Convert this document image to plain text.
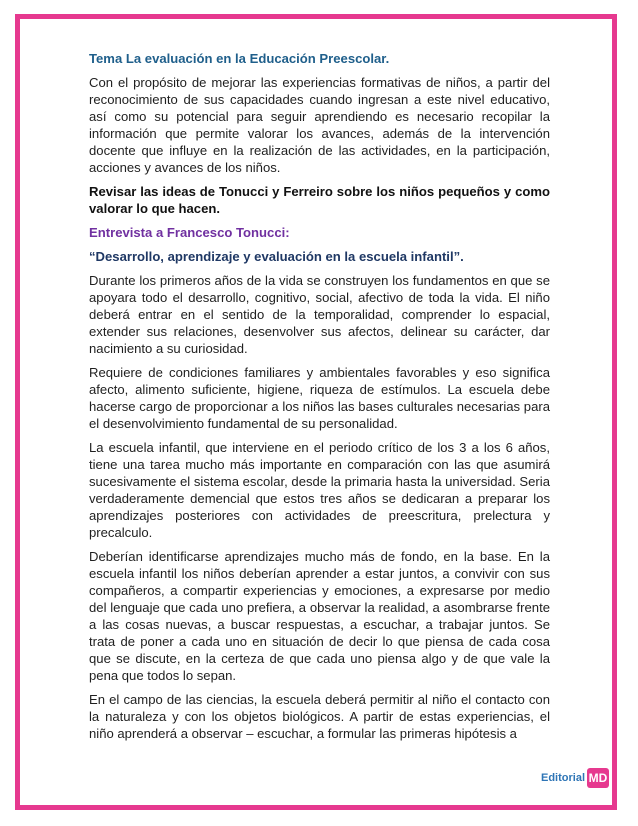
Tema La evaluación en la Educación Preescolar.

Con el propósito de mejorar las experiencias formativas de niños, a partir del reconocimiento de sus capacidades cuando ingresan a este nivel educativo, así como su potencial para seguir aprendiendo es necesario recopilar la información que permite valorar los avances, además de la intervención docente que influye en la realización de las actividades, en la participación, acciones y avances de los niños.

Revisar las ideas de Tonucci y Ferreiro sobre los niños pequeños y como valorar lo que hacen.

Entrevista a Francesco Tonucci:

“Desarrollo, aprendizaje y evaluación en la escuela infantil”.

Durante los primeros años de la vida se construyen los fundamentos en que se apoyara todo el desarrollo, cognitivo, social, afectivo de toda la vida. El niño deberá entrar en el sentido de la temporalidad, comprender lo espacial, extender sus relaciones, desenvolver sus afectos, delinear su carácter, dar nacimiento a su curiosidad.

Requiere de condiciones familiares y ambientales favorables y eso significa afecto, alimento suficiente, higiene, riqueza de estímulos. La escuela debe hacerse cargo de proporcionar a los niños las bases culturales necesarias para el desenvolvimiento fundamental de su personalidad.

La escuela infantil, que interviene en el periodo crítico de los 3 a los 6 años, tiene una tarea mucho más importante en comparación con las que asumirá sucesivamente el sistema escolar, desde la primaria hasta la universidad. Seria verdaderamente demencial que estos tres años se dedicaran a preparar los aprendizajes posteriores con actividades de preescritura, prelectura y precalculo.

Deberían identificarse aprendizajes mucho más de fondo, en la base. En la escuela infantil los niños deberían aprender a estar juntos, a convivir con sus compañeros, a compartir experiencias y emociones, a expresarse por medio del lenguaje que cada uno prefiera, a observar la realidad, a asombrarse frente a las cosas nuevas, a buscar respuestas, a escuchar, a trabajar juntos. Se trata de poner a cada uno en situación de decir lo que piensa de cada cosa que se discute, en la certeza de que cada uno piensa algo y de que vale la pena que todos lo sepan.

En el campo de las ciencias, la escuela deberá permitir al niño el contacto con la naturaleza y con los objetos biológicos. A partir de estas experiencias, el niño aprenderá a observar – escuchar, a formular las primeras hipótesis a

Editorial MD
